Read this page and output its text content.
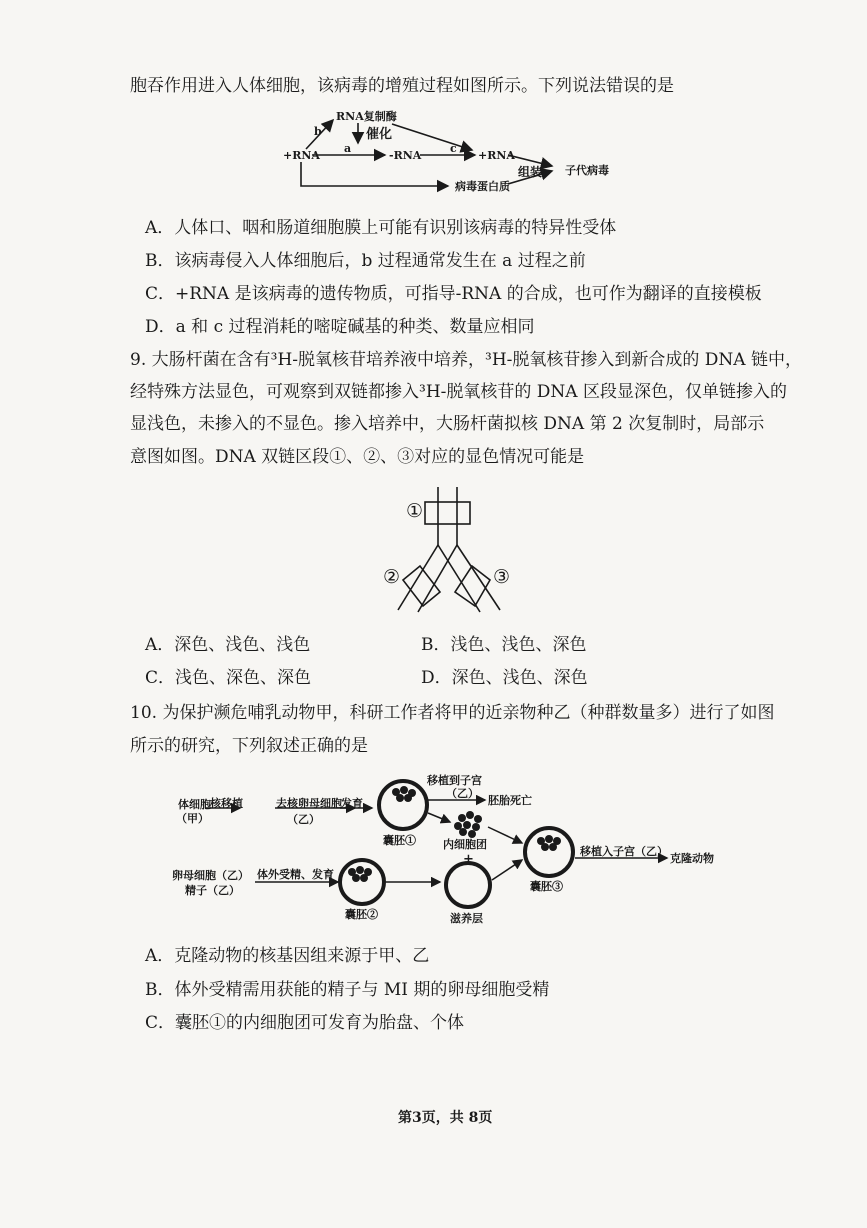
胞吞作用进入人体细胞，该病毒的增殖过程如图所示。下列说法错误的是
RNA复制酶
催化
b
a	c
+RNA	-RNA	+RNA
组装 子代病毒
病毒蛋白质
A．人体口、咽和肠道细胞膜上可能有识别该病毒的特异性受体
B．该病毒侵入人体细胞后，b 过程通常发生在 a 过程之前
C．+RNA 是该病毒的遗传物质，可指导-RNA 的合成，也可作为翻译的直接模板
D．a 和 c 过程消耗的嘧啶碱基的种类、数量应相同
9. 大肠杆菌在含有³H-脱氧核苷培养液中培养，³H-脱氧核苷掺入到新合成的 DNA 链中，
经特殊方法显色，可观察到双链都掺入³H-脱氧核苷的 DNA 区段显深色，仅单链掺入的
显浅色，未掺入的不显色。掺入培养中，大肠杆菌拟核 DNA 第 2 次复制时，局部示
意图如图。DNA 双链区段①、②、③对应的显色情况可能是
①
②	③
A．深色、浅色、浅色	B．浅色、浅色、深色
C．浅色、深色、深色	D．深色、浅色、深色
10. 为保护濒危哺乳动物甲，科研工作者将甲的近亲物种乙（种群数量多）进行了如图
所示的研究，下列叙述正确的是
体细胞
（甲）
核移植	去核卵母细胞
（乙）
发育
囊胚①
移植到子宫
（乙）
胚胎死亡
内细胞团
+
卵母细胞（乙）
精子（乙）
体外受精、发育
囊胚②	滋养层
囊胚③
移植入子宫（乙）
克隆动物
A．克隆动物的核基因组来源于甲、乙
B．体外受精需用获能的精子与 MI 期的卵母细胞受精
C．囊胚①的内细胞团可发育为胎盘、个体
第3页，共 8页
